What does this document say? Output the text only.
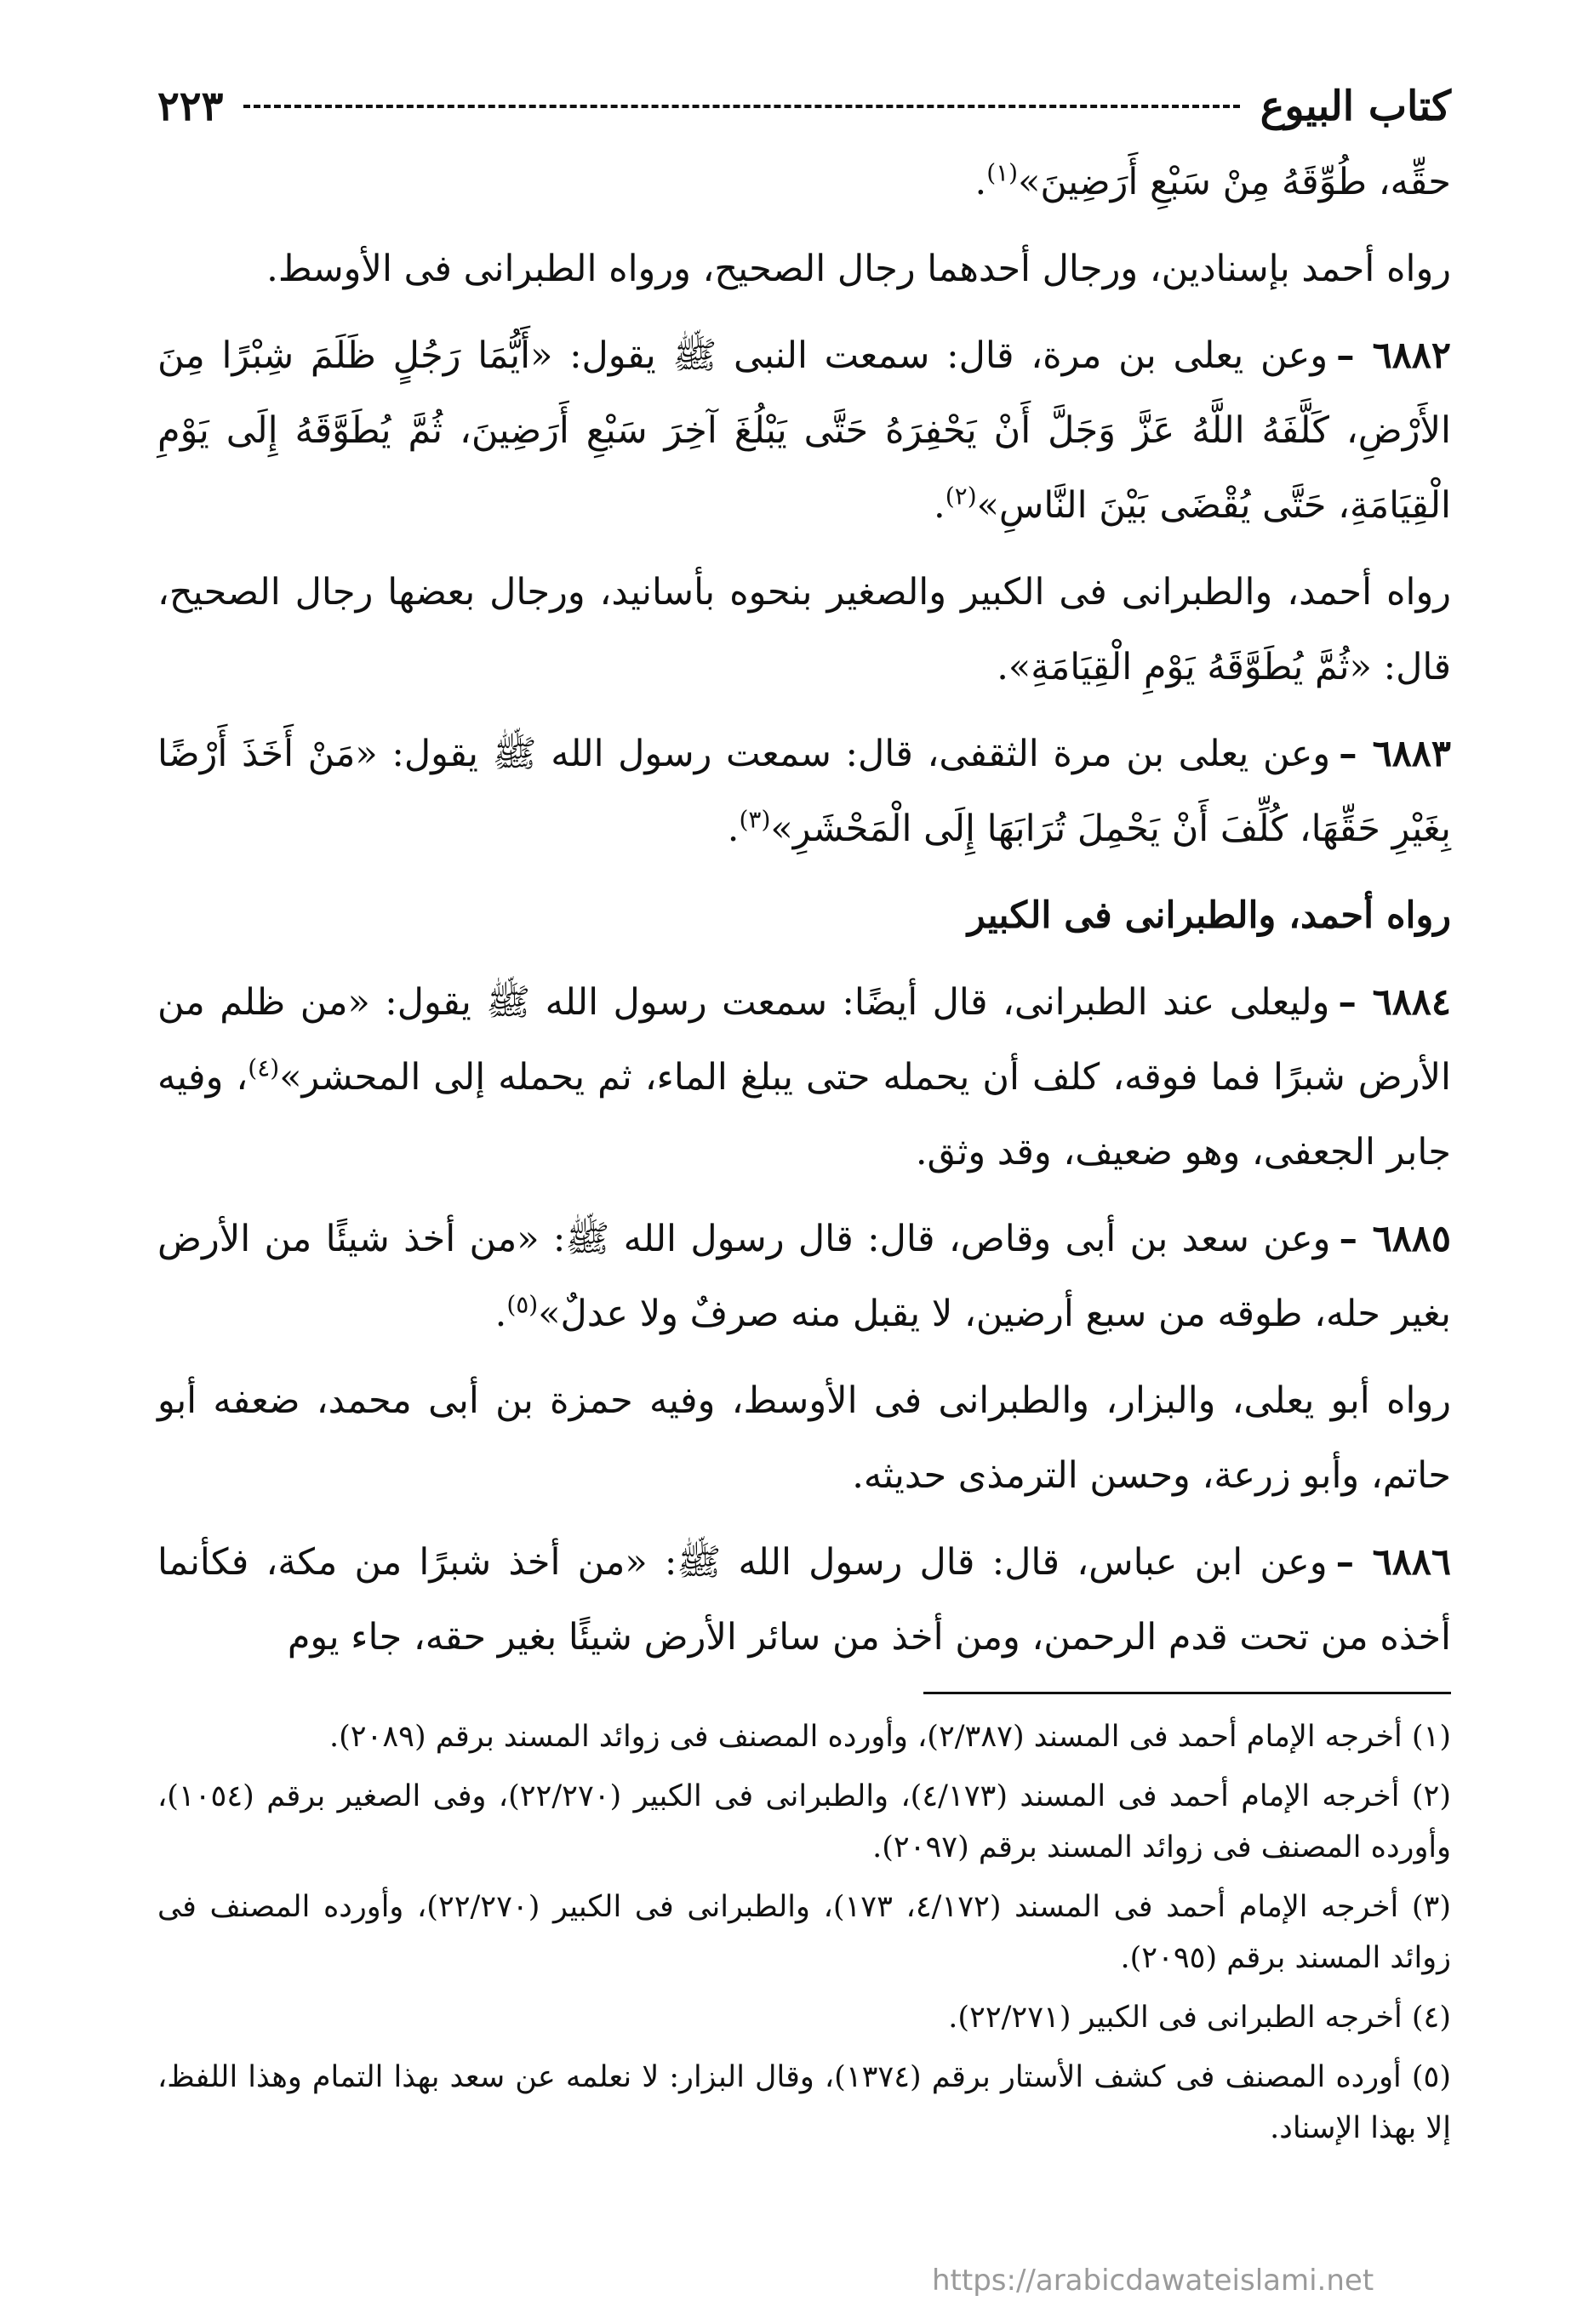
كتاب البيوع
٢٢٣

حقِّه، طُوِّقَهُ مِنْ سَبْعِ أَرَضِينَ»$^{(١)}$.

رواه أحمد بإسنادين، ورجال أحدهما رجال الصحيح، ورواه الطبرانى فى الأوسط.

٦٨٨٢ –وعن يعلى بن مرة، قال: سمعت النبى ﷺ يقول: «أَيُّمَا رَجُلٍ ظَلَمَ شِبْرًا مِنَ الأَرْضِ، كَلَّفَهُ اللَّهُ عَزَّ وَجَلَّ أَنْ يَحْفِرَهُ حَتَّى يَبْلُغَ آخِرَ سَبْعِ أَرَضِينَ، ثُمَّ يُطَوَّقَهُ إِلَى يَوْمِ الْقِيَامَةِ، حَتَّى يُقْضَى بَيْنَ النَّاسِ»$^{(٢)}$.

رواه أحمد، والطبرانى فى الكبير والصغير بنحوه بأسانيد، ورجال بعضها رجال الصحيح، قال: «ثُمَّ يُطَوَّقَهُ يَوْمِ الْقِيَامَةِ».

٦٨٨٣ –وعن يعلى بن مرة الثقفى، قال: سمعت رسول الله ﷺ يقول: «مَنْ أَخَذَ أَرْضًا بِغَيْرِ حَقِّهَا، كُلِّفَ أَنْ يَحْمِلَ تُرَابَهَا إِلَى الْمَحْشَرِ»$^{(٣)}$.

رواه أحمد، والطبرانى فى الكبير

٦٨٨٤ –وليعلى عند الطبرانى، قال أيضًا: سمعت رسول الله ﷺ يقول: «من ظلم من الأرض شبرًا فما فوقه، كلف أن يحمله حتى يبلغ الماء، ثم يحمله إلى المحشر»$^{(٤)}$، وفيه جابر الجعفى، وهو ضعيف، وقد وثق.

٦٨٨٥ –وعن سعد بن أبى وقاص، قال: قال رسول الله ﷺ: «من أخذ شيئًا من الأرض بغير حله، طوقه من سبع أرضين، لا يقبل منه صرفٌ ولا عدلٌ»$^{(٥)}$.

رواه أبو يعلى، والبزار، والطبرانى فى الأوسط، وفيه حمزة بن أبى محمد، ضعفه أبو حاتم، وأبو زرعة، وحسن الترمذى حديثه.

٦٨٨٦ –وعن ابن عباس، قال: قال رسول الله ﷺ: «من أخذ شبرًا من مكة، فكأنما أخذه من تحت قدم الرحمن، ومن أخذ من سائر الأرض شيئًا بغير حقه، جاء يوم

(١) أخرجه الإمام أحمد فى المسند (٢/٣٨٧)، وأورده المصنف فى زوائد المسند برقم (٢٠٨٩).

(٢) أخرجه الإمام أحمد فى المسند (٤/١٧٣)، والطبرانى فى الكبير (٢٢/٢٧٠)، وفى الصغير برقم (١٠٥٤)، وأورده المصنف فى زوائد المسند برقم (٢٠٩٧).

(٣) أخرجه الإمام أحمد فى المسند (٤/١٧٢، ١٧٣)، والطبرانى فى الكبير (٢٢/٢٧٠)، وأورده المصنف فى زوائد المسند برقم (٢٠٩٥).

(٤) أخرجه الطبرانى فى الكبير (٢٢/٢٧١).

(٥) أورده المصنف فى كشف الأستار برقم (١٣٧٤)، وقال البزار: لا نعلمه عن سعد بهذا التمام وهذا اللفظ، إلا بهذا الإسناد.

https://arabicdawateislami.net
